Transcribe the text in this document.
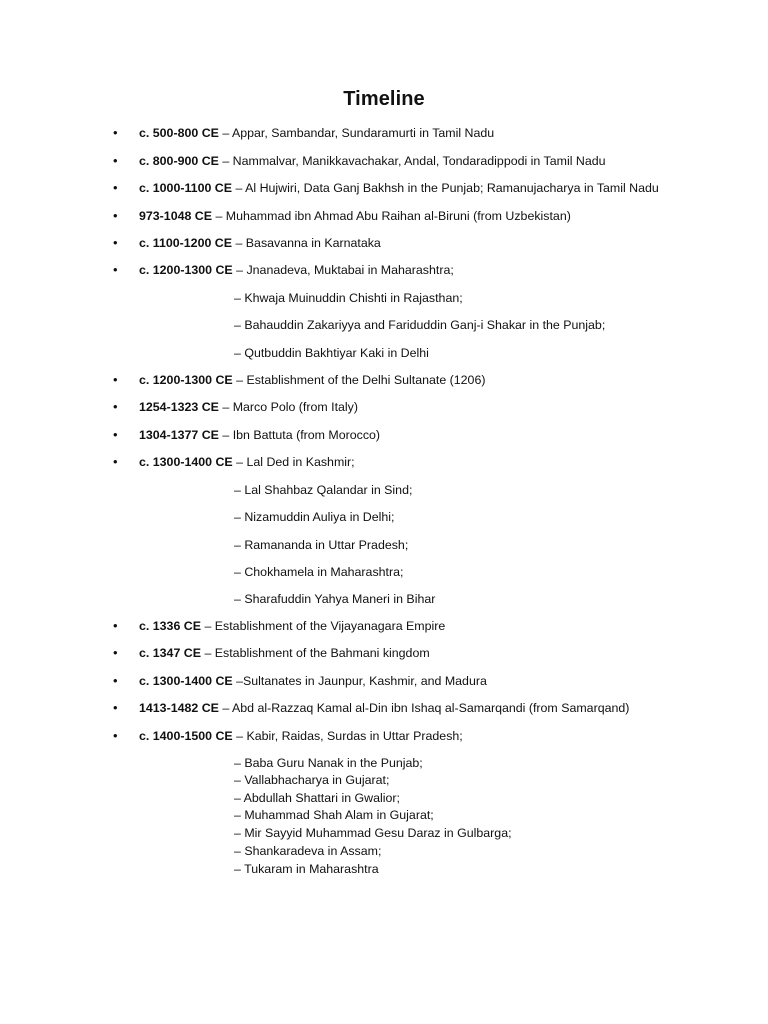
Timeline
• c. 500-800 CE – Appar, Sambandar, Sundaramurti in Tamil Nadu
• c. 800-900 CE – Nammalvar, Manikkavachakar, Andal, Tondaradippodi in Tamil Nadu
• c. 1000-1100 CE – Al Hujwiri, Data Ganj Bakhsh in the Punjab; Ramanujacharya in Tamil Nadu
• 973-1048 CE – Muhammad ibn Ahmad Abu Raihan al-Biruni (from Uzbekistan)
• c. 1100-1200 CE – Basavanna in Karnataka
• c. 1200-1300 CE – Jnanadeva, Muktabai in Maharashtra;
– Khwaja Muinuddin Chishti in Rajasthan;
– Bahauddin Zakariyya and Fariduddin Ganj-i Shakar in the Punjab;
– Qutbuddin Bakhtiyar Kaki in Delhi
• c. 1200-1300 CE – Establishment of the Delhi Sultanate (1206)
• 1254-1323 CE – Marco Polo (from Italy)
• 1304-1377 CE – Ibn Battuta (from Morocco)
• c. 1300-1400 CE – Lal Ded in Kashmir;
– Lal Shahbaz Qalandar in Sind;
– Nizamuddin Auliya in Delhi;
– Ramananda in Uttar Pradesh;
– Chokhamela in Maharashtra;
– Sharafuddin Yahya Maneri in Bihar
• c. 1336 CE – Establishment of the Vijayanagara Empire
• c. 1347 CE – Establishment of the Bahmani kingdom
• c. 1300-1400 CE –Sultanates in Jaunpur, Kashmir, and Madura
• 1413-1482 CE – Abd al-Razzaq Kamal al-Din ibn Ishaq al-Samarqandi (from Samarqand)
• c. 1400-1500 CE – Kabir, Raidas, Surdas in Uttar Pradesh;
– Baba Guru Nanak in the Punjab;
– Vallabhacharya in Gujarat;
– Abdullah Shattari in Gwalior;
– Muhammad Shah Alam in Gujarat;
– Mir Sayyid Muhammad Gesu Daraz in Gulbarga;
– Shankaradeva in Assam;
– Tukaram in Maharashtra
